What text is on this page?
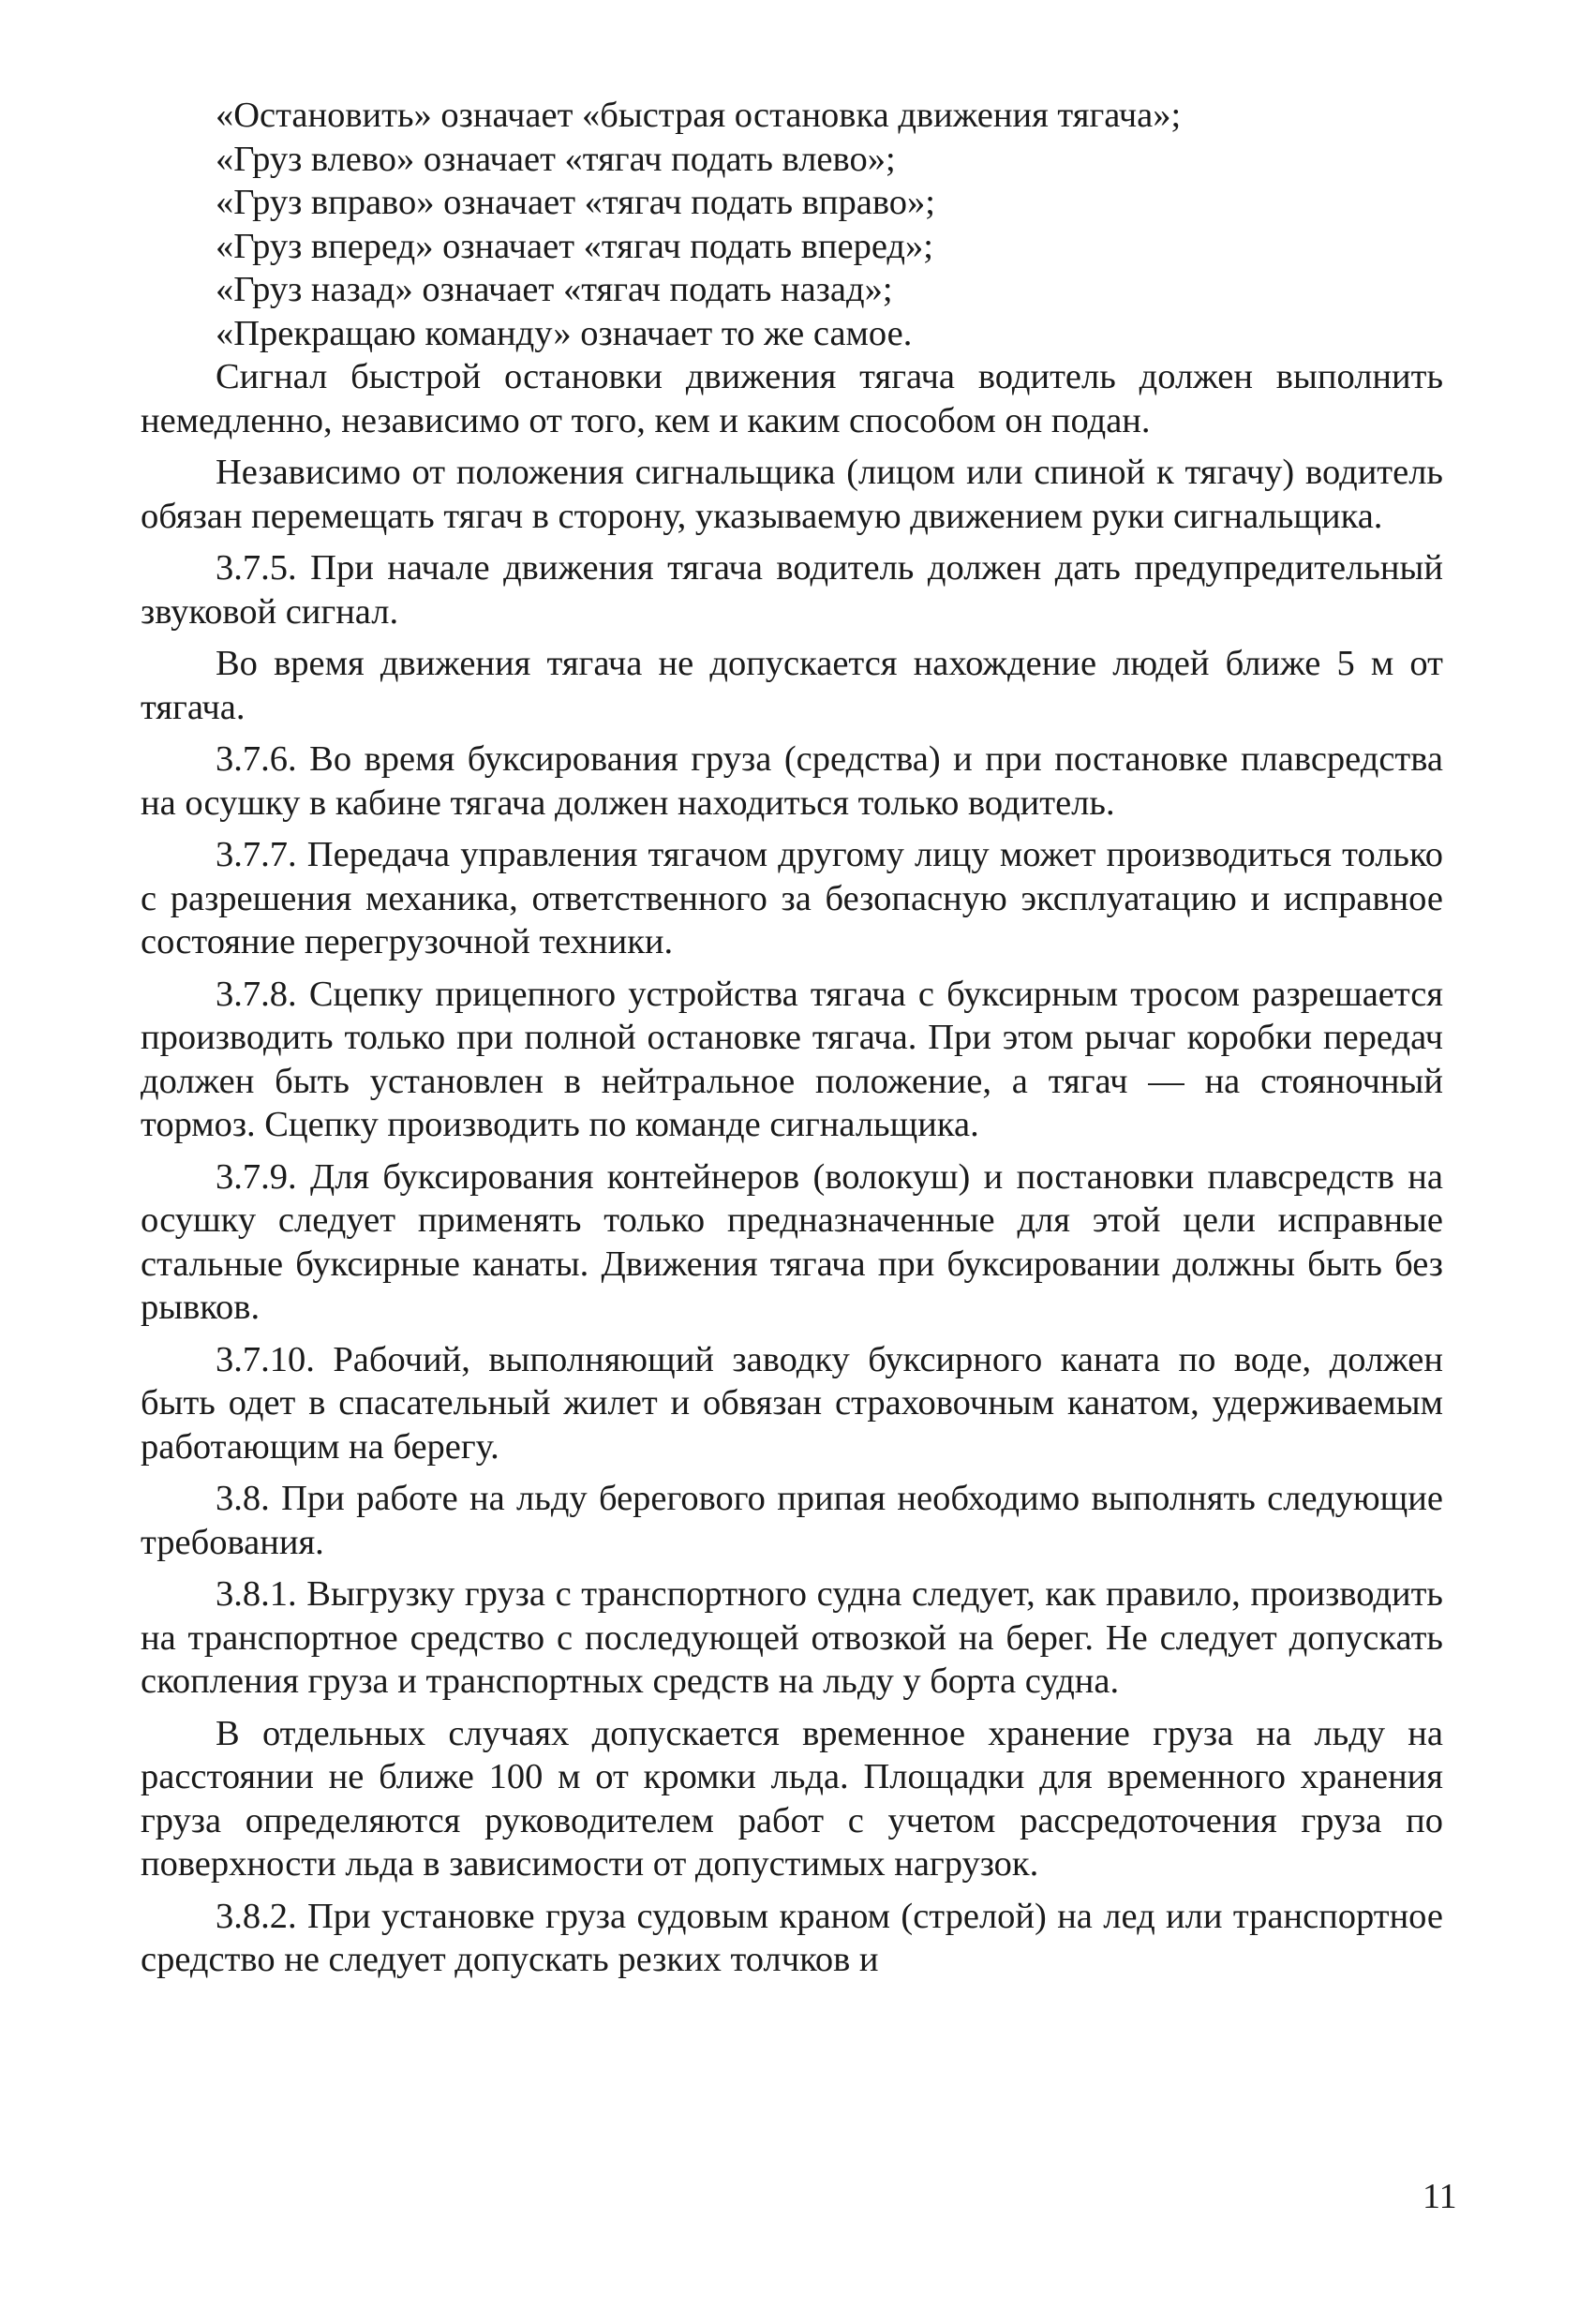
«Остановить» означает «быстрая остановка движения тягача»;

«Груз влево» означает «тягач подать влево»;

«Груз вправо» означает «тягач подать вправо»;

«Груз вперед» означает «тягач подать вперед»;

«Груз назад» означает «тягач подать назад»;

«Прекращаю команду» означает то же самое.

Сигнал быстрой остановки движения тягача водитель должен выполнить немедленно, независимо от того, кем и каким способом он подан.

Независимо от положения сигнальщика (лицом или спиной к тягачу) водитель обязан перемещать тягач в сторону, указываемую движением руки сигнальщика.

3.7.5. При начале движения тягача водитель должен дать предупредительный звуковой сигнал.

Во время движения тягача не допускается нахождение людей ближе 5 м от тягача.

3.7.6. Во время буксирования груза (средства) и при постановке плавсредства на осушку в кабине тягача должен находиться только водитель.

3.7.7. Передача управления тягачом другому лицу может производиться только с разрешения механика, ответственного за безопасную эксплуатацию и исправное состояние перегрузочной техники.

3.7.8. Сцепку прицепного устройства тягача с буксирным тросом разрешается производить только при полной остановке тягача. При этом рычаг коробки передач должен быть установлен в нейтральное положение, а тягач — на стояночный тормоз. Сцепку производить по команде сигнальщика.

3.7.9. Для буксирования контейнеров (волокуш) и постановки плавсредств на осушку следует применять только предназначенные для этой цели исправные стальные буксирные канаты. Движения тягача при буксировании должны быть без рывков.

3.7.10. Рабочий, выполняющий заводку буксирного каната по воде, должен быть одет в спасательный жилет и обвязан страховочным канатом, удерживаемым работающим на берегу.

3.8. При работе на льду берегового припая необходимо выполнять следующие требования.

3.8.1. Выгрузку груза с транспортного судна следует, как правило, производить на транспортное средство с последующей отвозкой на берег. Не следует допускать скопления груза и транспортных средств на льду у борта судна.

В отдельных случаях допускается временное хранение груза на льду на расстоянии не ближе 100 м от кромки льда. Площадки для временного хранения груза определяются руководителем работ с учетом рассредоточения груза по поверхности льда в зависимости от допустимых нагрузок.

3.8.2. При установке груза судовым краном (стрелой) на лед или транспортное средство не следует допускать резких толчков и

11
